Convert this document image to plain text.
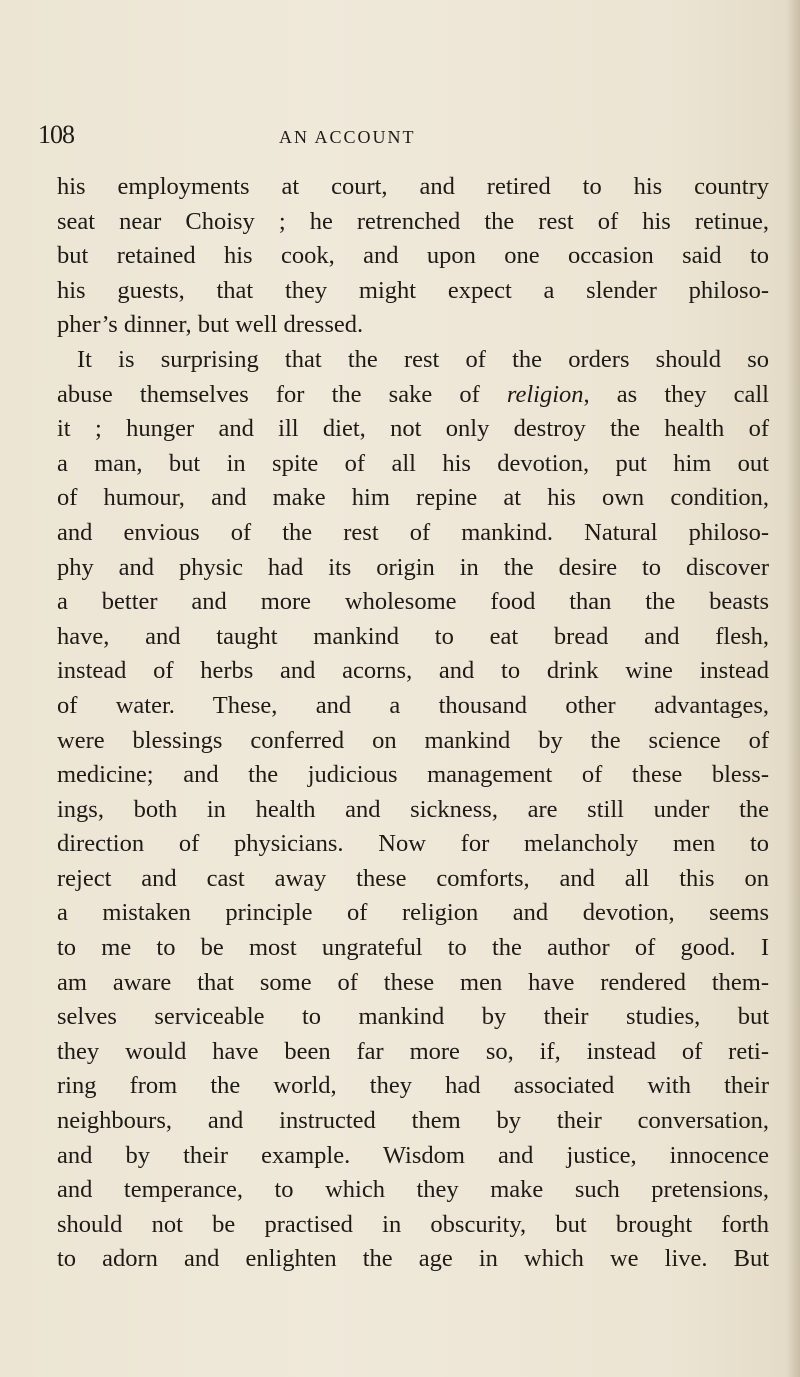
108	AN ACCOUNT
his employments at court, and retired to his country
seat near Choisy ; he retrenched the rest of his retinue,
but retained his cook, and upon one occasion said to
his guests, that they might expect a slender philoso-
pher’s dinner, but well dressed.
It is surprising that the rest of the orders should so
abuse themselves for the sake of religion, as they call
it ; hunger and ill diet, not only destroy the health of
a man, but in spite of all his devotion, put him out
of humour, and make him repine at his own condition,
and envious of the rest of mankind. Natural philoso-
phy and physic had its origin in the desire to discover
a better and more wholesome food than the beasts
have, and taught mankind to eat bread and flesh,
instead of herbs and acorns, and to drink wine instead
of water. These, and a thousand other advantages,
were blessings conferred on mankind by the science of
medicine; and the judicious management of these bless-
ings, both in health and sickness, are still under the
direction of physicians. Now for melancholy men to
reject and cast away these comforts, and all this on
a mistaken principle of religion and devotion, seems
to me to be most ungrateful to the author of good. I
am aware that some of these men have rendered them-
selves serviceable to mankind by their studies, but
they would have been far more so, if, instead of reti-
ring from the world, they had associated with their
neighbours, and instructed them by their conversation,
and by their example. Wisdom and justice, innocence
and temperance, to which they make such pretensions,
should not be practised in obscurity, but brought forth
to adorn and enlighten the age in which we live. But
